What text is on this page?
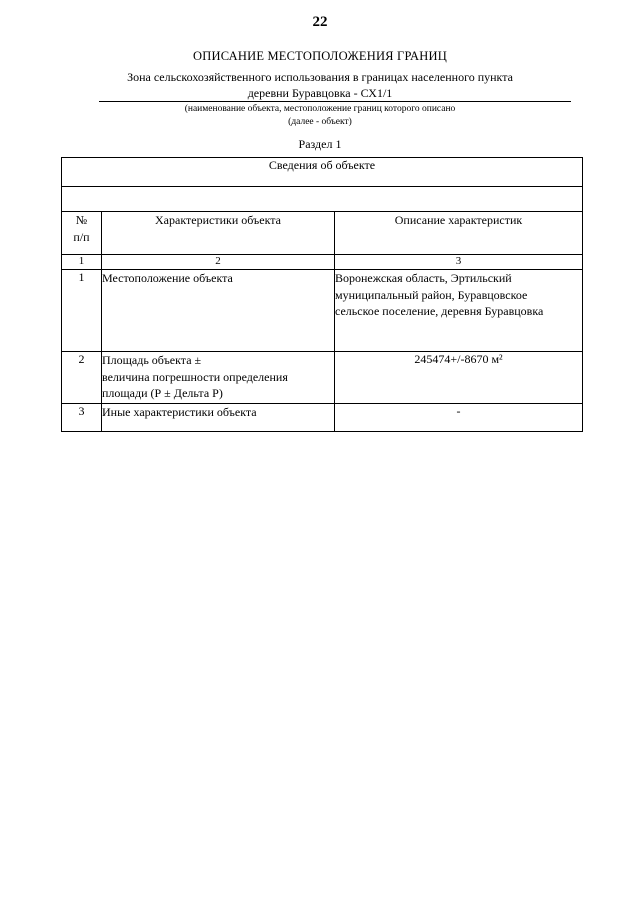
22
ОПИСАНИЕ МЕСТОПОЛОЖЕНИЯ ГРАНИЦ
Зона сельскохозяйственного использования в границах населенного пункта
деревни Буравцовка - СХ1/1
(наименование объекта, местоположение границ которого описано
(далее - объект)
Раздел 1
Сведения об объекте		

№
п/п	Характеристики объекта	Описание характеристик
1	2	3
1	Местоположение объекта	Воронежская область, Эртильский
муниципальный район, Буравцовское
сельское поселение, деревня Буравцовка

2	Площадь объекта ±
величина погрешности определения
площади (Р ± Дельта Р)	245474+/-8670 м²

3	Иные характеристики объекта	-
